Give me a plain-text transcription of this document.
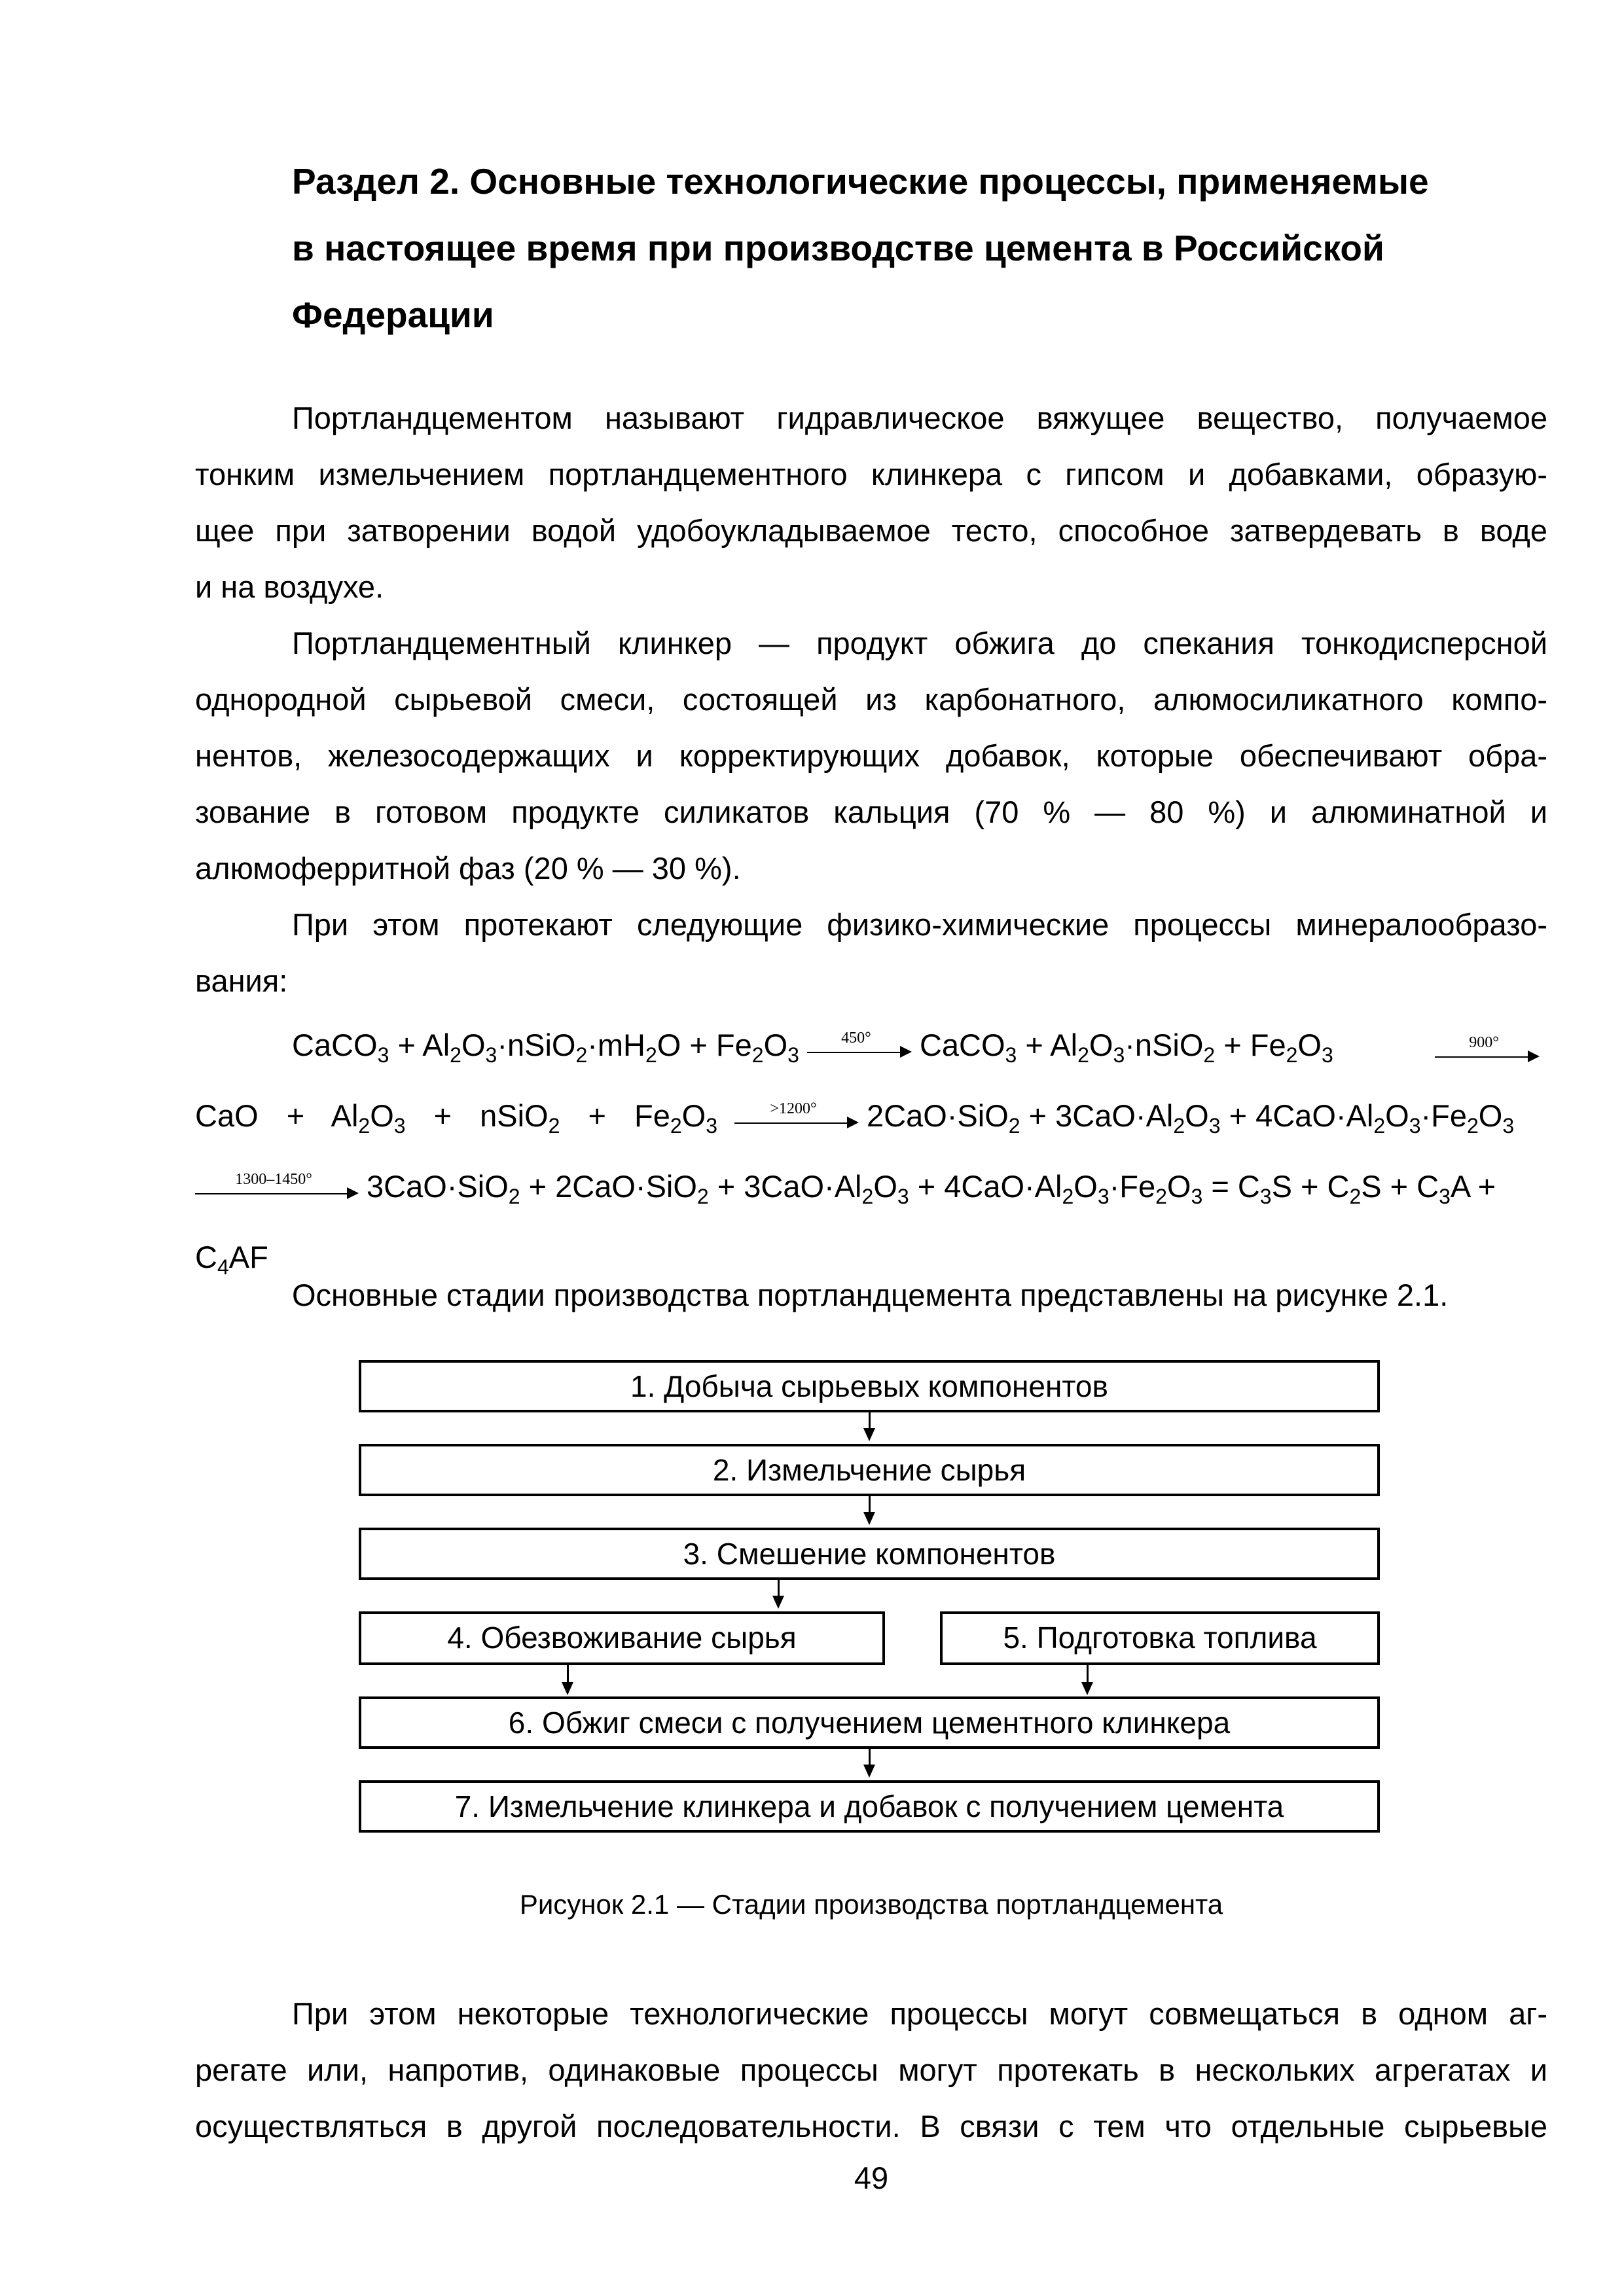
Раздел 2. Основные технологические процессы, применяемые
в настоящее время при производстве цемента в Российской
Федерации
Портландцементом называют гидравлическое вяжущее вещество, получаемое
тонким измельчением портландцементного клинкера с гипсом и добавками, образую-
щее при затворении водой удобоукладываемое тесто, способное затвердевать в воде
и на воздухе.
Портландцементный клинкер — продукт обжига до спекания тонкодисперсной
однородной сырьевой смеси, состоящей из карбонатного, алюмосиликатного компо-
нентов, железосодержащих и корректирующих добавок, которые обеспечивают обра-
зование в готовом продукте силикатов кальция (70 % — 80 %) и алюминатной и
алюмоферритной фаз (20 % — 30 %).
При этом протекают следующие физико-химические процессы минералообразо-
вания:
CaCO$_3$ + $Al_2O_3\cdot nSiO_2\cdot mH_2O + Fe_2O_3$
450°	CaCO$_3$ + $Al_2O_3\cdot nSiO_2 + Fe_2O_3$
900°
CaO + $Al_2O_3$ + nSiO$_2$ + $Fe_2O_3$
>1200°	$2CaO\cdot SiO_2 + 3CaO\cdot Al_2O_3 + 4CaO\cdot Al_2O_3\cdot Fe_2O_3$
1300–1450°	$3CaO\cdot SiO_2 + 2CaO\cdot SiO_2 + 3CaO\cdot Al_2O_3 + 4CaO\cdot Al_2O_3\cdot Fe_2O_3 = C_3S + C_2S + C_3A$ +
$C_4AF$
Основные стадии производства портландцемента представлены на рисунке 2.1.
1. Добыча сырьевых компонентов
2. Измельчение сырья
3. Смешение компонентов
4. Обезвоживание сырья	5. Подготовка топлива
6. Обжиг смеси с получением цементного клинкера
7. Измельчение клинкера и добавок с получением цемента
Рисунок 2.1 — Стадии производства портландцемента
При этом некоторые технологические процессы могут совмещаться в одном аг-
регате или, напротив, одинаковые процессы могут протекать в нескольких агрегатах и
осуществляться в другой последовательности. В связи с тем что отдельные сырьевые
49
